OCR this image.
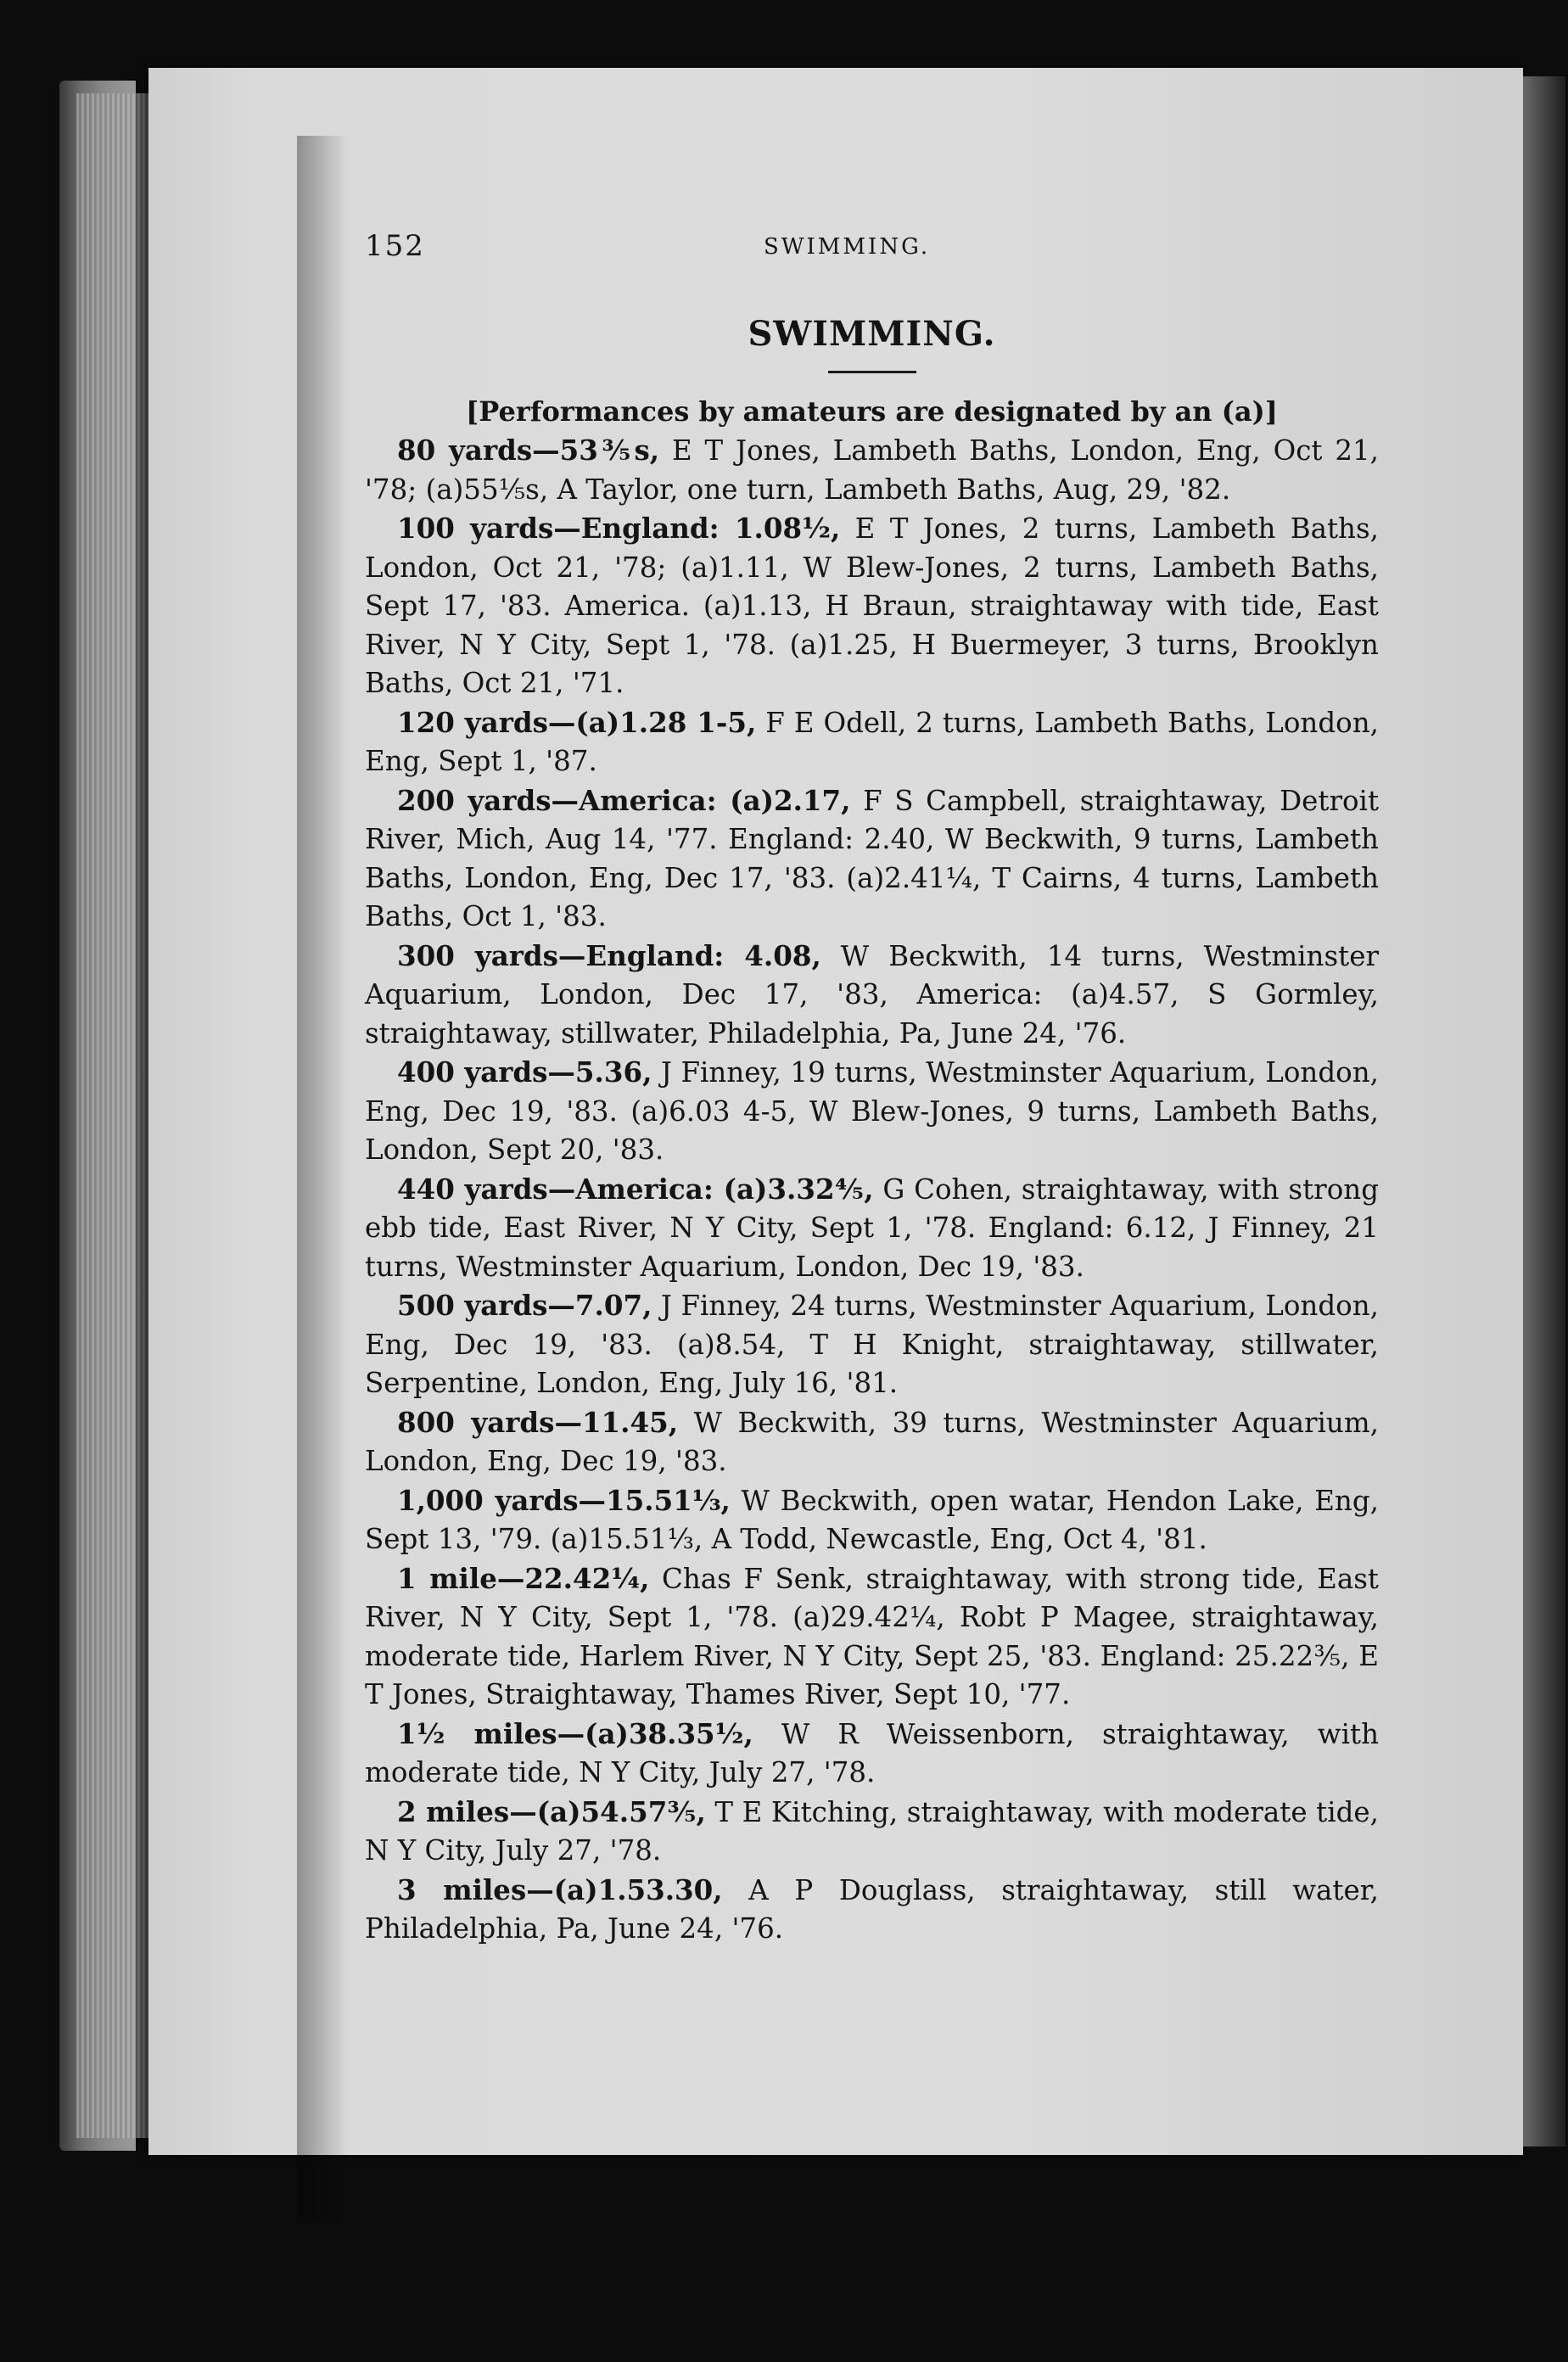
152	SWIMMING.
SWIMMING.
[Performances by amateurs are designated by an (a)]
80 yards—53⅗s, E T Jones, Lambeth Baths, London, Eng, Oct 21, '78; (a)55⅕s, A Taylor, one turn, Lambeth Baths, Aug, 29, '82.
100 yards—England: 1.08½, E T Jones, 2 turns, Lambeth Baths, London, Oct 21, '78; (a)1.11, W Blew-Jones, 2 turns, Lambeth Baths, Sept 17, '83. America. (a)1.13, H Braun, straightaway with tide, East River, N Y City, Sept 1, '78. (a)1.25, H Buermeyer, 3 turns, Brooklyn Baths, Oct 21, '71.
120 yards—(a)1.28 1-5, F E Odell, 2 turns, Lambeth Baths, London, Eng, Sept 1, '87.
200 yards—America: (a)2.17, F S Campbell, straightaway, Detroit River, Mich, Aug 14, '77. England: 2.40, W Beckwith, 9 turns, Lambeth Baths, London, Eng, Dec 17, '83. (a)2.41¼, T Cairns, 4 turns, Lambeth Baths, Oct 1, '83.
300 yards—England: 4.08, W Beckwith, 14 turns, Westminster Aquarium, London, Dec 17, '83, America: (a)4.57, S Gormley, straightaway, stillwater, Philadelphia, Pa, June 24, '76.
400 yards—5.36, J Finney, 19 turns, Westminster Aquarium, London, Eng, Dec 19, '83. (a)6.03 4-5, W Blew-Jones, 9 turns, Lambeth Baths, London, Sept 20, '83.
440 yards—America: (a)3.32⅘, G Cohen, straightaway, with strong ebb tide, East River, N Y City, Sept 1, '78. England: 6.12, J Finney, 21 turns, Westminster Aquarium, London, Dec 19, '83.
500 yards—7.07, J Finney, 24 turns, Westminster Aquarium, London, Eng, Dec 19, '83. (a)8.54, T H Knight, straightaway, stillwater, Serpentine, London, Eng, July 16, '81.
800 yards—11.45, W Beckwith, 39 turns, Westminster Aquarium, London, Eng, Dec 19, '83.
1,000 yards—15.51⅓, W Beckwith, open watar, Hendon Lake, Eng, Sept 13, '79. (a)15.51⅓, A Todd, Newcastle, Eng, Oct 4, '81.
1 mile—22.42¼, Chas F Senk, straightaway, with strong tide, East River, N Y City, Sept 1, '78. (a)29.42¼, Robt P Magee, straightaway, moderate tide, Harlem River, N Y City, Sept 25, '83. England: 25.22⅗, E T Jones, Straightaway, Thames River, Sept 10, '77.
1½ miles—(a)38.35½, W R Weissenborn, straightaway, with moderate tide, N Y City, July 27, '78.
2 miles—(a)54.57⅗, T E Kitching, straightaway, with moderate tide, N Y City, July 27, '78.
3 miles—(a)1.53.30, A P Douglass, straightaway, still water, Philadelphia, Pa, June 24, '76.
